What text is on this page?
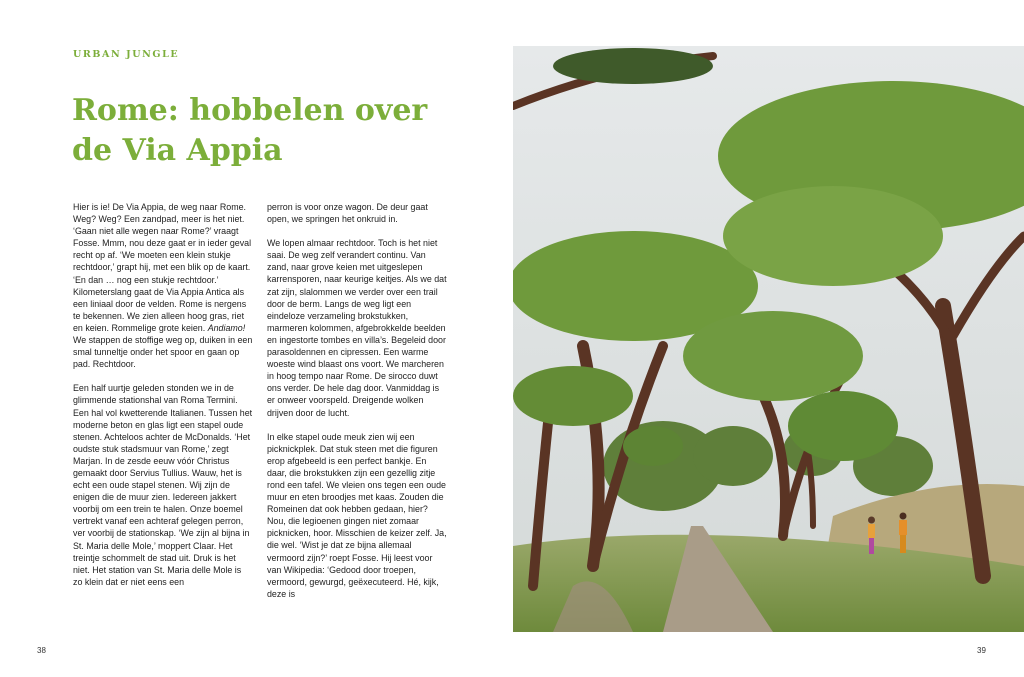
URBAN JUNGLE
Rome: hobbelen over
de Via Appia

Hier is ie! De Via Appia, de weg naar Rome. Weg? Weg? Een zandpad, meer is het niet. ‘Gaan niet alle wegen naar Rome?’ vraagt Fosse. Mmm, nou deze gaat er in ieder geval recht op af. ‘We moeten een klein stukje rechtdoor,’ grapt hij, met een blik op de kaart. ‘En dan … nog een stukje rechtdoor.’ Kilometerslang gaat de Via Appia Antica als een liniaal door de velden. Rome is nergens te bekennen. We zien alleen hoog gras, riet en keien. Rommelige grote keien. Andiamo! We stappen de stoffige weg op, duiken in een smal tunneltje onder het spoor en gaan op pad. Rechtdoor.

Een half uurtje geleden stonden we in de glimmende stationshal van Roma Termini. Een hal vol kwetterende Italianen. Tussen het moderne beton en glas ligt een stapel oude stenen. Achteloos achter de McDonalds. ‘Het oudste stuk stadsmuur van Rome,’ zegt Marjan. In de zesde eeuw vóór Christus gemaakt door Servius Tullius. Wauw, het is echt een oude stapel stenen. Wij zijn de enigen die de muur zien. Iedereen jakkert voorbij om een trein te halen. Onze boemel vertrekt vanaf een achteraf gelegen perron, ver voorbij de stationskap. ‘We zijn al bijna in St. Maria delle Mole,’ moppert Claar. Het treintje schommelt de stad uit. Druk is het niet. Het station van St. Maria delle Mole is zo klein dat er niet eens een

perron is voor onze wagon. De deur gaat open, we springen het onkruid in.

We lopen almaar rechtdoor. Toch is het niet saai. De weg zelf verandert continu. Van zand, naar grove keien met uitgeslepen karrensporen, naar keurige keitjes. Als we dat zat zijn, slalommen we verder over een trail door de berm. Langs de weg ligt een eindeloze verzameling brokstukken, marmeren kolommen, afgebrokkelde beelden en ingestorte tombes en villa’s. Begeleid door parasoldennen en cipressen. Een warme woeste wind blaast ons voort. We marcheren in hoog tempo naar Rome. De sirocco duwt ons verder. De hele dag door. Vanmiddag is er onweer voorspeld. Dreigende wolken drijven door de lucht.

In elke stapel oude meuk zien wij een picknickplek. Dat stuk steen met die figuren erop afgebeeld is een perfect bankje. En daar, die brokstukken zijn een gezellig zitje rond een tafel. We vleien ons tegen een oude muur en eten broodjes met kaas. Zouden die Romeinen dat ook hebben gedaan, hier? Nou, die legioenen gingen niet zomaar picknicken, hoor. Misschien de keizer zelf. Ja, die wel. ‘Wist je dat ze bijna allemaal vermoord zijn?’ roept Fosse. Hij leest voor van Wikipedia: ‘Gedood door troepen, vermoord, gewurgd, geëxecuteerd. Hé, kijk, deze is

38	39
